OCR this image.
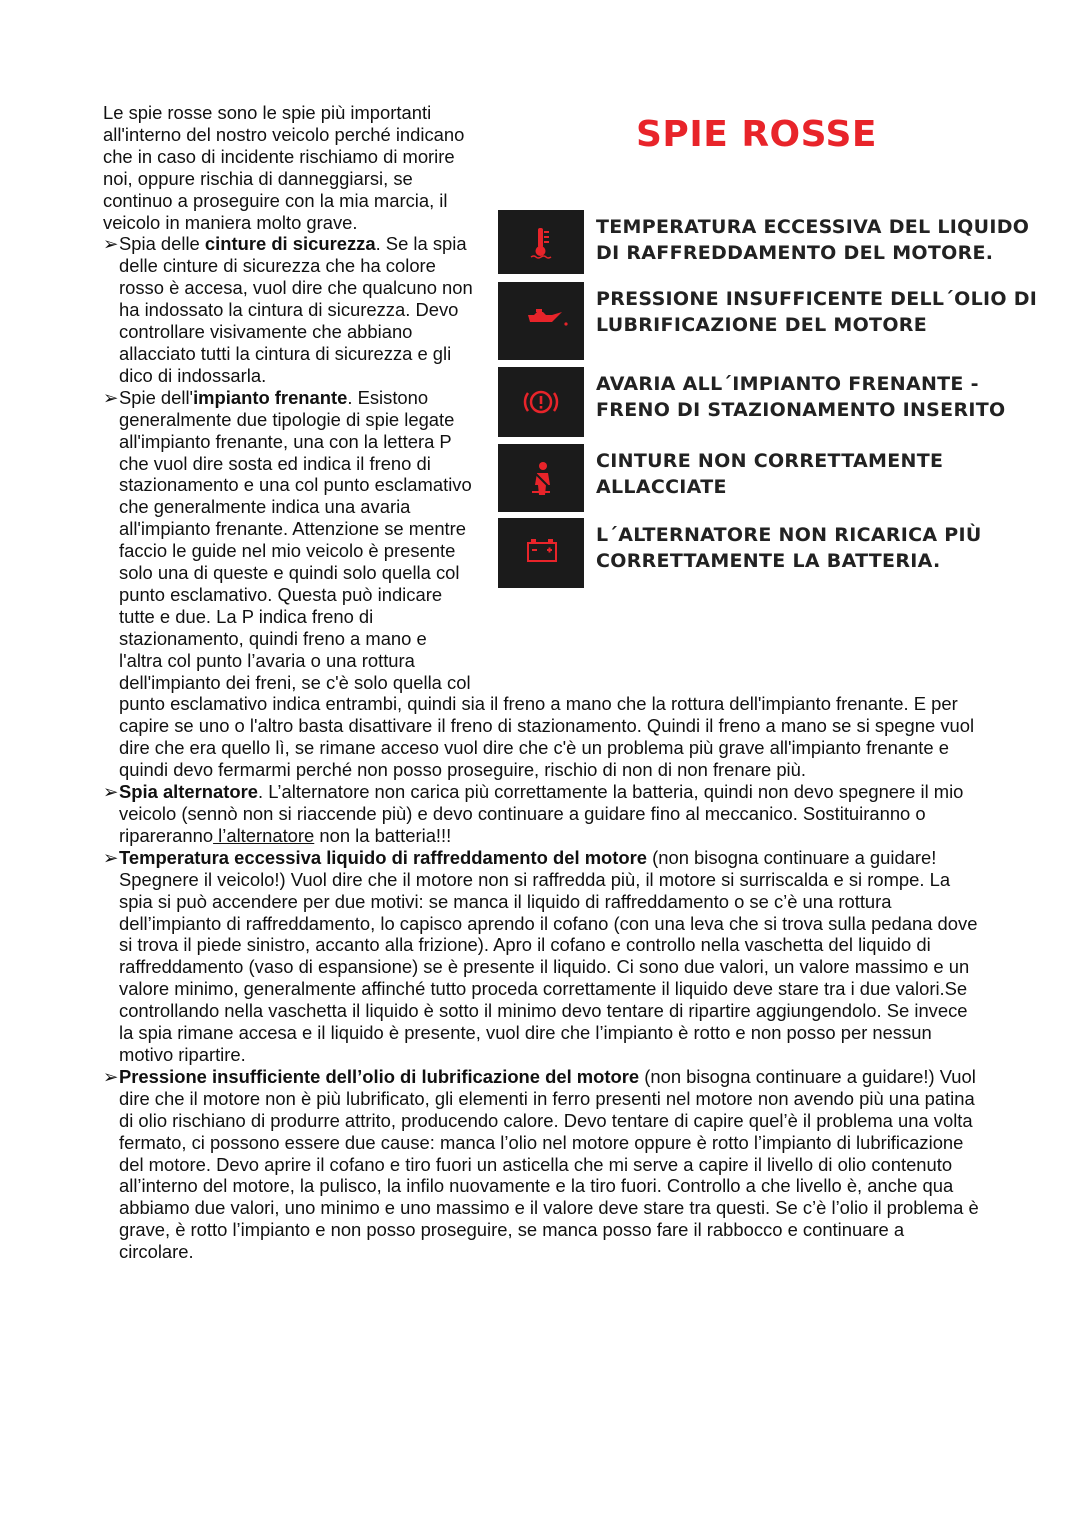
SPIE ROSSE
TEMPERATURA ECCESSIVA DEL LIQUIDO
DI RAFFREDDAMENTO DEL MOTORE.
PRESSIONE INSUFFICENTE DELL´OLIO DI
LUBRIFICAZIONE DEL MOTORE
AVARIA ALL´IMPIANTO FRENANTE -
FRENO DI STAZIONAMENTO INSERITO
CINTURE NON CORRETTAMENTE
ALLACCIATE
L´ALTERNATORE NON RICARICA PIÙ
CORRETTAMENTE LA BATTERIA.

Le spie rosse sono le spie più importanti all'interno del nostro veicolo perché indicano che in caso di incidente rischiamo di morire noi, oppure rischia di danneggiarsi, se continuo a proseguire con la mia marcia, il veicolo in maniera molto grave.

➢ Spia delle cinture di sicurezza. Se la spia delle cinture di sicurezza che ha colore rosso è accesa, vuol dire che qualcuno non ha indossato la cintura di sicurezza. Devo controllare visivamente che abbiano allacciato tutti la cintura di sicurezza e gli dico di indossarla.

➢ Spie dell'impianto frenante. Esistono generalmente due tipologie di spie legate all'impianto frenante, una con la lettera P che vuol dire sosta ed indica il freno di stazionamento e una col punto esclamativo che generalmente indica una avaria all'impianto frenante. Attenzione se mentre faccio le guide nel mio veicolo è presente solo una di queste e quindi solo quella col punto esclamativo. Questa può indicare tutte e due. La P indica freno di stazionamento, quindi freno a mano e l'altra col punto l’avaria o una rottura dell'impianto dei freni, se c'è solo quella col punto esclamativo indica entrambi, quindi sia il freno a mano che la rottura dell'impianto frenante. E per capire se uno o l'altro basta disattivare il freno di stazionamento. Quindi il freno a mano se si spegne vuol dire che era quello lì, se rimane acceso vuol dire che c'è un problema più grave all'impianto frenante e quindi devo fermarmi perché non posso proseguire, rischio di non di non frenare più.

➢ Spia alternatore. L’alternatore non carica più correttamente la batteria, quindi non devo spegnere il mio veicolo (sennò non si riaccende più) e devo continuare a guidare fino al meccanico. Sostituiranno o ripareranno l’alternatore non la batteria!!!

➢ Temperatura eccessiva liquido di raffreddamento del motore (non bisogna continuare a guidare! Spegnere il veicolo!) Vuol dire che il motore non si raffredda più, il motore si surriscalda e si rompe. La spia si può accendere per due motivi: se manca il liquido di raffreddamento o se c’è una rottura dell’impianto di raffreddamento, lo capisco aprendo il cofano (con una leva che si trova sulla pedana dove si trova il piede sinistro, accanto alla frizione). Apro il cofano e controllo nella vaschetta del liquido di raffreddamento (vaso di espansione) se è presente il liquido. Ci sono due valori, un valore massimo e un valore minimo, generalmente affinché tutto proceda correttamente il liquido deve stare tra i due valori.Se controllando nella vaschetta il liquido è sotto il minimo devo tentare di ripartire aggiungendolo. Se invece la spia rimane accesa e il liquido è presente, vuol dire che l’impianto è rotto e non posso per nessun motivo ripartire.

➢ Pressione insufficiente dell’olio di lubrificazione del motore (non bisogna continuare a guidare!) Vuol dire che il motore non è più lubrificato, gli elementi in ferro presenti nel motore non avendo più una patina di olio rischiano di produrre attrito, producendo calore. Devo tentare di capire quel’è il problema una volta fermato, ci possono essere due cause: manca l’olio nel motore oppure è rotto l’impianto di lubrificazione del motore. Devo aprire il cofano e tiro fuori un asticella che mi serve a capire il livello di olio contenuto all’interno del motore, la pulisco, la infilo nuovamente e la tiro fuori. Controllo a che livello è, anche qua abbiamo due valori, uno minimo e uno massimo e il valore deve stare tra questi. Se c’è l’olio il problema è grave, è rotto l’impianto e non posso proseguire, se manca posso fare il rabbocco e continuare a circolare.
